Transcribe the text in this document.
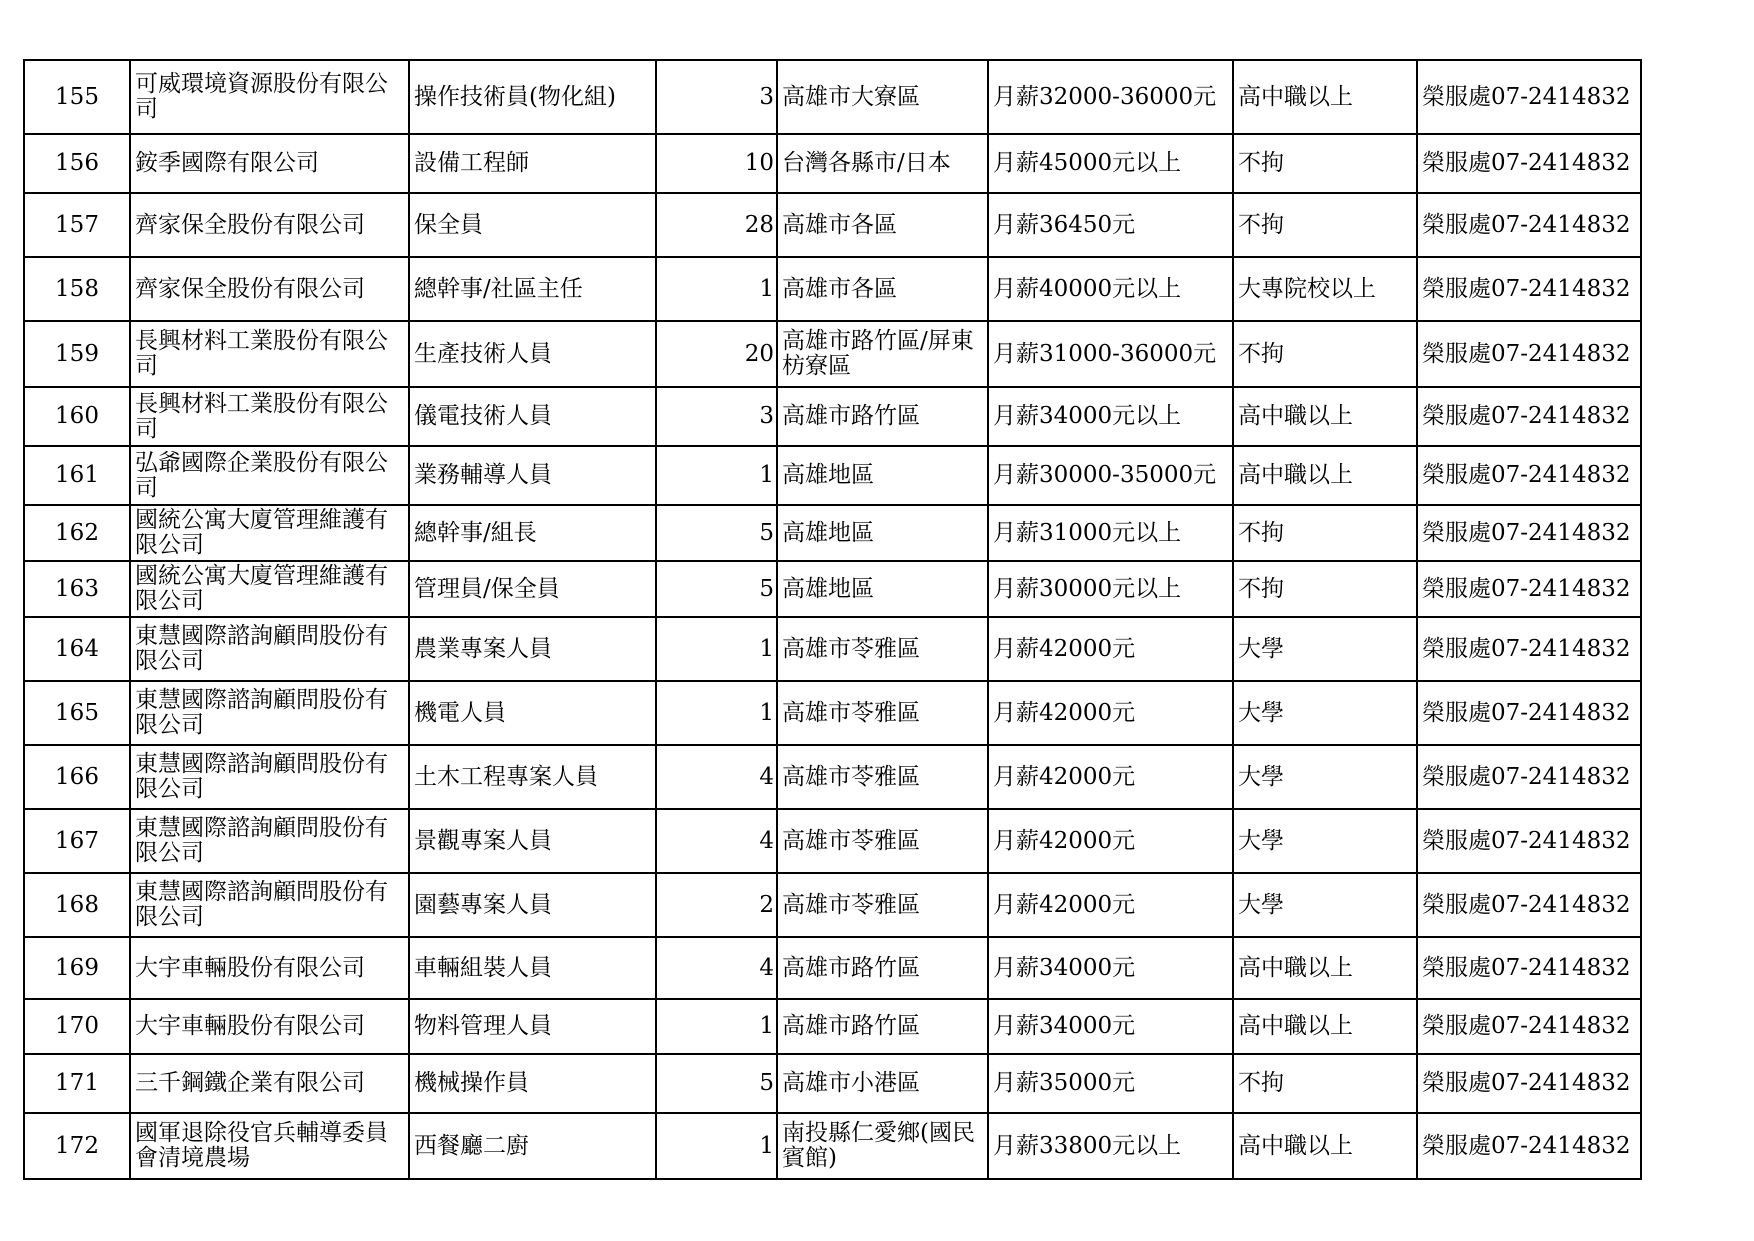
155	可威環境資源股份有限公司	操作技術員(物化組)	3	高雄市大寮區	月薪32000-36000元	高中職以上	榮服處07-2414832
156	銨季國際有限公司	設備工程師	10	台灣各縣市/日本	月薪45000元以上	不拘	榮服處07-2414832
157	齊家保全股份有限公司	保全員	28	高雄市各區	月薪36450元	不拘	榮服處07-2414832
158	齊家保全股份有限公司	總幹事/社區主任	1	高雄市各區	月薪40000元以上	大專院校以上	榮服處07-2414832
159	長興材料工業股份有限公司	生產技術人員	20	高雄市路竹區/屏東枋寮區	月薪31000-36000元	不拘	榮服處07-2414832
160	長興材料工業股份有限公司	儀電技術人員	3	高雄市路竹區	月薪34000元以上	高中職以上	榮服處07-2414832
161	弘爺國際企業股份有限公司	業務輔導人員	1	高雄地區	月薪30000-35000元	高中職以上	榮服處07-2414832
162	國統公寓大廈管理維護有限公司	總幹事/組長	5	高雄地區	月薪31000元以上	不拘	榮服處07-2414832
163	國統公寓大廈管理維護有限公司	管理員/保全員	5	高雄地區	月薪30000元以上	不拘	榮服處07-2414832
164	東慧國際諮詢顧問股份有限公司	農業專案人員	1	高雄市苓雅區	月薪42000元	大學	榮服處07-2414832
165	東慧國際諮詢顧問股份有限公司	機電人員	1	高雄市苓雅區	月薪42000元	大學	榮服處07-2414832
166	東慧國際諮詢顧問股份有限公司	土木工程專案人員	4	高雄市苓雅區	月薪42000元	大學	榮服處07-2414832
167	東慧國際諮詢顧問股份有限公司	景觀專案人員	4	高雄市苓雅區	月薪42000元	大學	榮服處07-2414832
168	東慧國際諮詢顧問股份有限公司	園藝專案人員	2	高雄市苓雅區	月薪42000元	大學	榮服處07-2414832
169	大宇車輛股份有限公司	車輛組裝人員	4	高雄市路竹區	月薪34000元	高中職以上	榮服處07-2414832
170	大宇車輛股份有限公司	物料管理人員	1	高雄市路竹區	月薪34000元	高中職以上	榮服處07-2414832
171	三千鋼鐵企業有限公司	機械操作員	5	高雄市小港區	月薪35000元	不拘	榮服處07-2414832
172	國軍退除役官兵輔導委員會清境農場	西餐廳二廚	1	南投縣仁愛鄉(國民賓館)	月薪33800元以上	高中職以上	榮服處07-2414832
